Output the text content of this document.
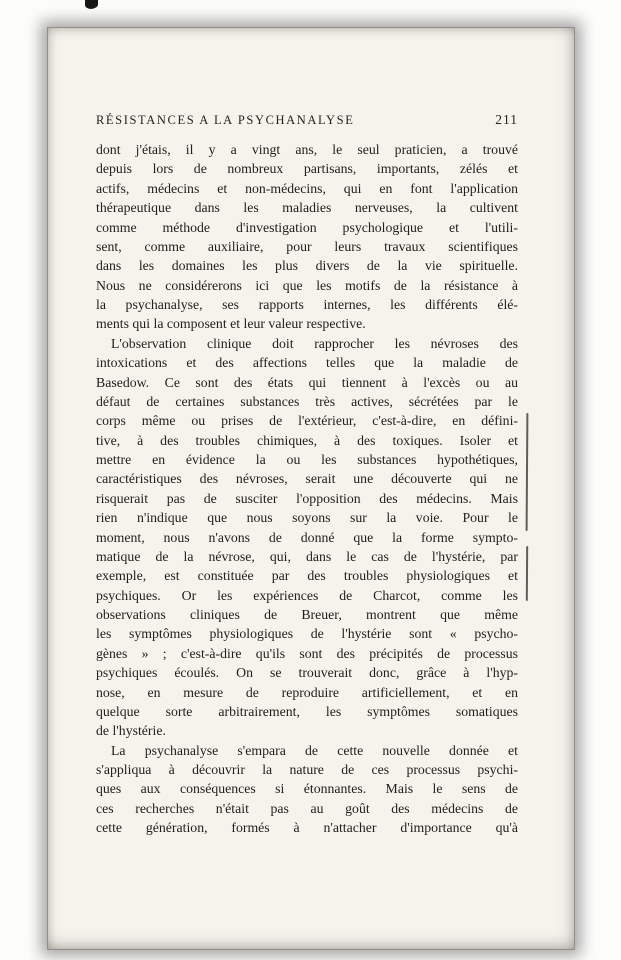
RÉSISTANCES A LA PSYCHANALYSE	211
dont j'étais, il y a vingt ans, le seul praticien, a trouvé
depuis lors de nombreux partisans, importants, zélés et
actifs, médecins et non-médecins, qui en font l'application
thérapeutique dans les maladies nerveuses, la cultivent
comme méthode d'investigation psychologique et l'utili-
sent, comme auxiliaire, pour leurs travaux scientifiques
dans les domaines les plus divers de la vie spirituelle.
Nous ne considérerons ici que les motifs de la résistance à
la psychanalyse, ses rapports internes, les différents élé-
ments qui la composent et leur valeur respective.
L'observation clinique doit rapprocher les névroses des
intoxications et des affections telles que la maladie de
Basedow. Ce sont des états qui tiennent à l'excès ou au
défaut de certaines substances très actives, sécrétées par le
corps même ou prises de l'extérieur, c'est-à-dire, en défini-
tive, à des troubles chimiques, à des toxiques. Isoler et
mettre en évidence la ou les substances hypothétiques,
caractéristiques des névroses, serait une découverte qui ne
risquerait pas de susciter l'opposition des médecins. Mais
rien n'indique que nous soyons sur la voie. Pour le
moment, nous n'avons de donné que la forme sympto-
matique de la névrose, qui, dans le cas de l'hystérie, par
exemple, est constituée par des troubles physiologiques et
psychiques. Or les expériences de Charcot, comme les
observations cliniques de Breuer, montrent que même
les symptômes physiologiques de l'hystérie sont « psycho-
gènes » ; c'est-à-dire qu'ils sont des précipités de processus
psychiques écoulés. On se trouverait donc, grâce à l'hyp-
nose, en mesure de reproduire artificiellement, et en
quelque sorte arbitrairement, les symptômes somatiques
de l'hystérie.
La psychanalyse s'empara de cette nouvelle donnée et
s'appliqua à découvrir la nature de ces processus psychi-
ques aux conséquences si étonnantes. Mais le sens de
ces recherches n'était pas au goût des médecins de
cette génération, formés à n'attacher d'importance qu'à
